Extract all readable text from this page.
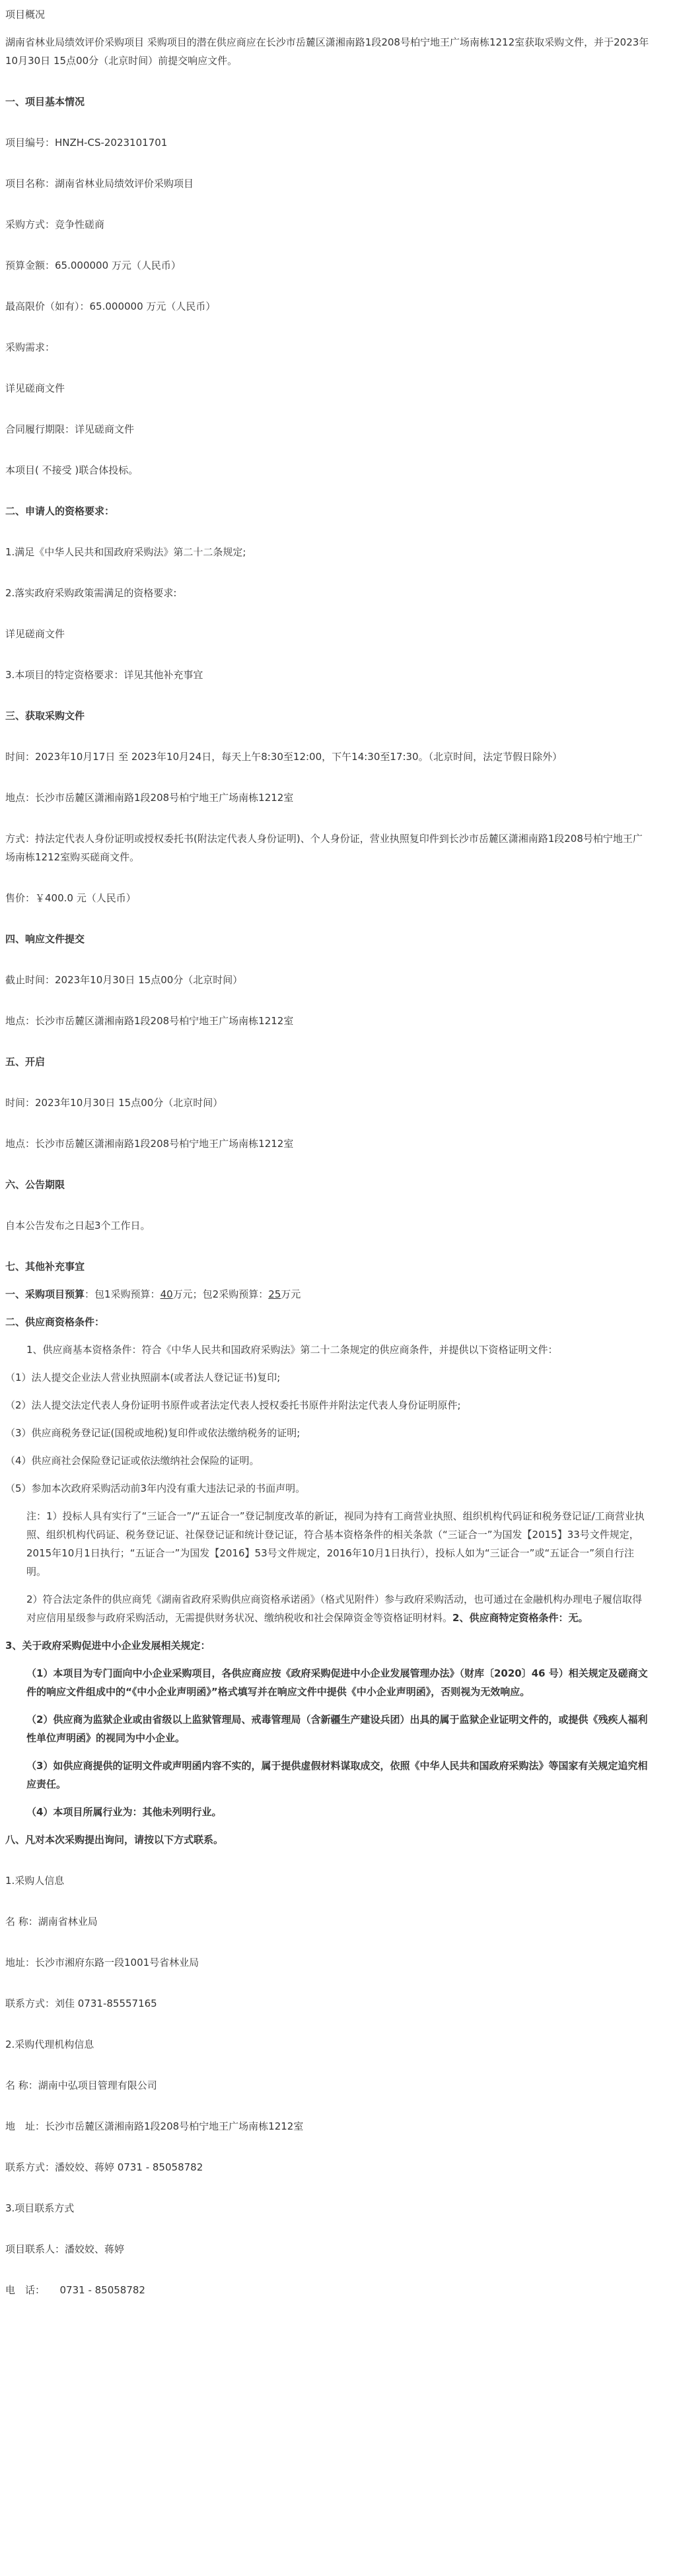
项目概况

湖南省林业局绩效评价采购项目 采购项目的潜在供应商应在长沙市岳麓区潇湘南路1段208号柏宁地王广场南栋1212室获取采购文件，并于2023年10月30日 15点00分（北京时间）前提交响应文件。

一、项目基本情况

项目编号：HNZH-CS-2023101701

项目名称：湖南省林业局绩效评价采购项目

采购方式：竞争性磋商

预算金额：65.000000 万元（人民币）

最高限价（如有）：65.000000 万元（人民币）

采购需求：

详见磋商文件

合同履行期限：详见磋商文件

本项目( 不接受 )联合体投标。

二、申请人的资格要求：

1.满足《中华人民共和国政府采购法》第二十二条规定;

2.落实政府采购政策需满足的资格要求:

详见磋商文件

3.本项目的特定资格要求：详见其他补充事宜

三、获取采购文件

时间：2023年10月17日 至 2023年10月24日，每天上午8:30至12:00，下午14:30至17:30。（北京时间，法定节假日除外）

地点：长沙市岳麓区潇湘南路1段208号柏宁地王广场南栋1212室

方式：持法定代表人身份证明或授权委托书(附法定代表人身份证明)、个人身份证，营业执照复印件到长沙市岳麓区潇湘南路1段208号柏宁地王广场南栋1212室购买磋商文件。

售价：￥400.0 元（人民币）

四、响应文件提交

截止时间：2023年10月30日 15点00分（北京时间）

地点：长沙市岳麓区潇湘南路1段208号柏宁地王广场南栋1212室

五、开启

时间：2023年10月30日 15点00分（北京时间）

地点：长沙市岳麓区潇湘南路1段208号柏宁地王广场南栋1212室

六、公告期限

自本公告发布之日起3个工作日。

七、其他补充事宜

一、采购项目预算：包1采购预算：40万元；包2采购预算：25万元

二、供应商资格条件：

1、供应商基本资格条件：符合《中华人民共和国政府采购法》第二十二条规定的供应商条件，并提供以下资格证明文件：

（1）法人提交企业法人营业执照副本(或者法人登记证书)复印;

（2）法人提交法定代表人身份证明书原件或者法定代表人授权委托书原件并附法定代表人身份证明原件;

（3）供应商税务登记证(国税或地税)复印件或依法缴纳税务的证明;

（4）供应商社会保险登记证或依法缴纳社会保险的证明。

（5）参加本次政府采购活动前3年内没有重大违法记录的书面声明。

注：1）投标人具有实行了“三证合一”/“五证合一”登记制度改革的新证，视同为持有工商营业执照、组织机构代码证和税务登记证/工商营业执照、组织机构代码证、税务登记证、社保登记证和统计登记证，符合基本资格条件的相关条款（“三证合一”为国发【2015】33号文件规定，2015年10月1日执行；“五证合一”为国发【2016】53号文件规定，2016年10月1日执行），投标人如为“三证合一”或“五证合一”须自行注明。

2）符合法定条件的供应商凭《湖南省政府采购供应商资格承诺函》（格式见附件）参与政府采购活动，也可通过在金融机构办理电子履信取得对应信用星级参与政府采购活动，无需提供财务状况、缴纳税收和社会保障资金等资格证明材料。2、供应商特定资格条件：无。

3、关于政府采购促进中小企业发展相关规定：

（1）本项目为专门面向中小企业采购项目，各供应商应按《政府采购促进中小企业发展管理办法》（财库〔2020〕46 号）相关规定及磋商文件的响应文件组成中的“《中小企业声明函》”格式填写并在响应文件中提供《中小企业声明函》，否则视为无效响应。

（2）供应商为监狱企业或由省级以上监狱管理局、戒毒管理局（含新疆生产建设兵团）出具的属于监狱企业证明文件的，或提供《残疾人福利性单位声明函》的视同为中小企业。

（3）如供应商提供的证明文件或声明函内容不实的，属于提供虚假材料谋取成交，依照《中华人民共和国政府采购法》等国家有关规定追究相应责任。

（4）本项目所属行业为：其他未列明行业。

八、凡对本次采购提出询问，请按以下方式联系。

1.采购人信息

名 称：湖南省林业局

地址：长沙市湘府东路一段1001号省林业局

联系方式：刘佳 0731-85557165

2.采购代理机构信息

名 称：湖南中弘项目管理有限公司

地　址：长沙市岳麓区潇湘南路1段208号柏宁地王广场南栋1212室

联系方式：潘姣姣、蒋婷 0731 - 85058782

3.项目联系方式

项目联系人：潘姣姣、蒋婷

电　话：　　0731 - 85058782
